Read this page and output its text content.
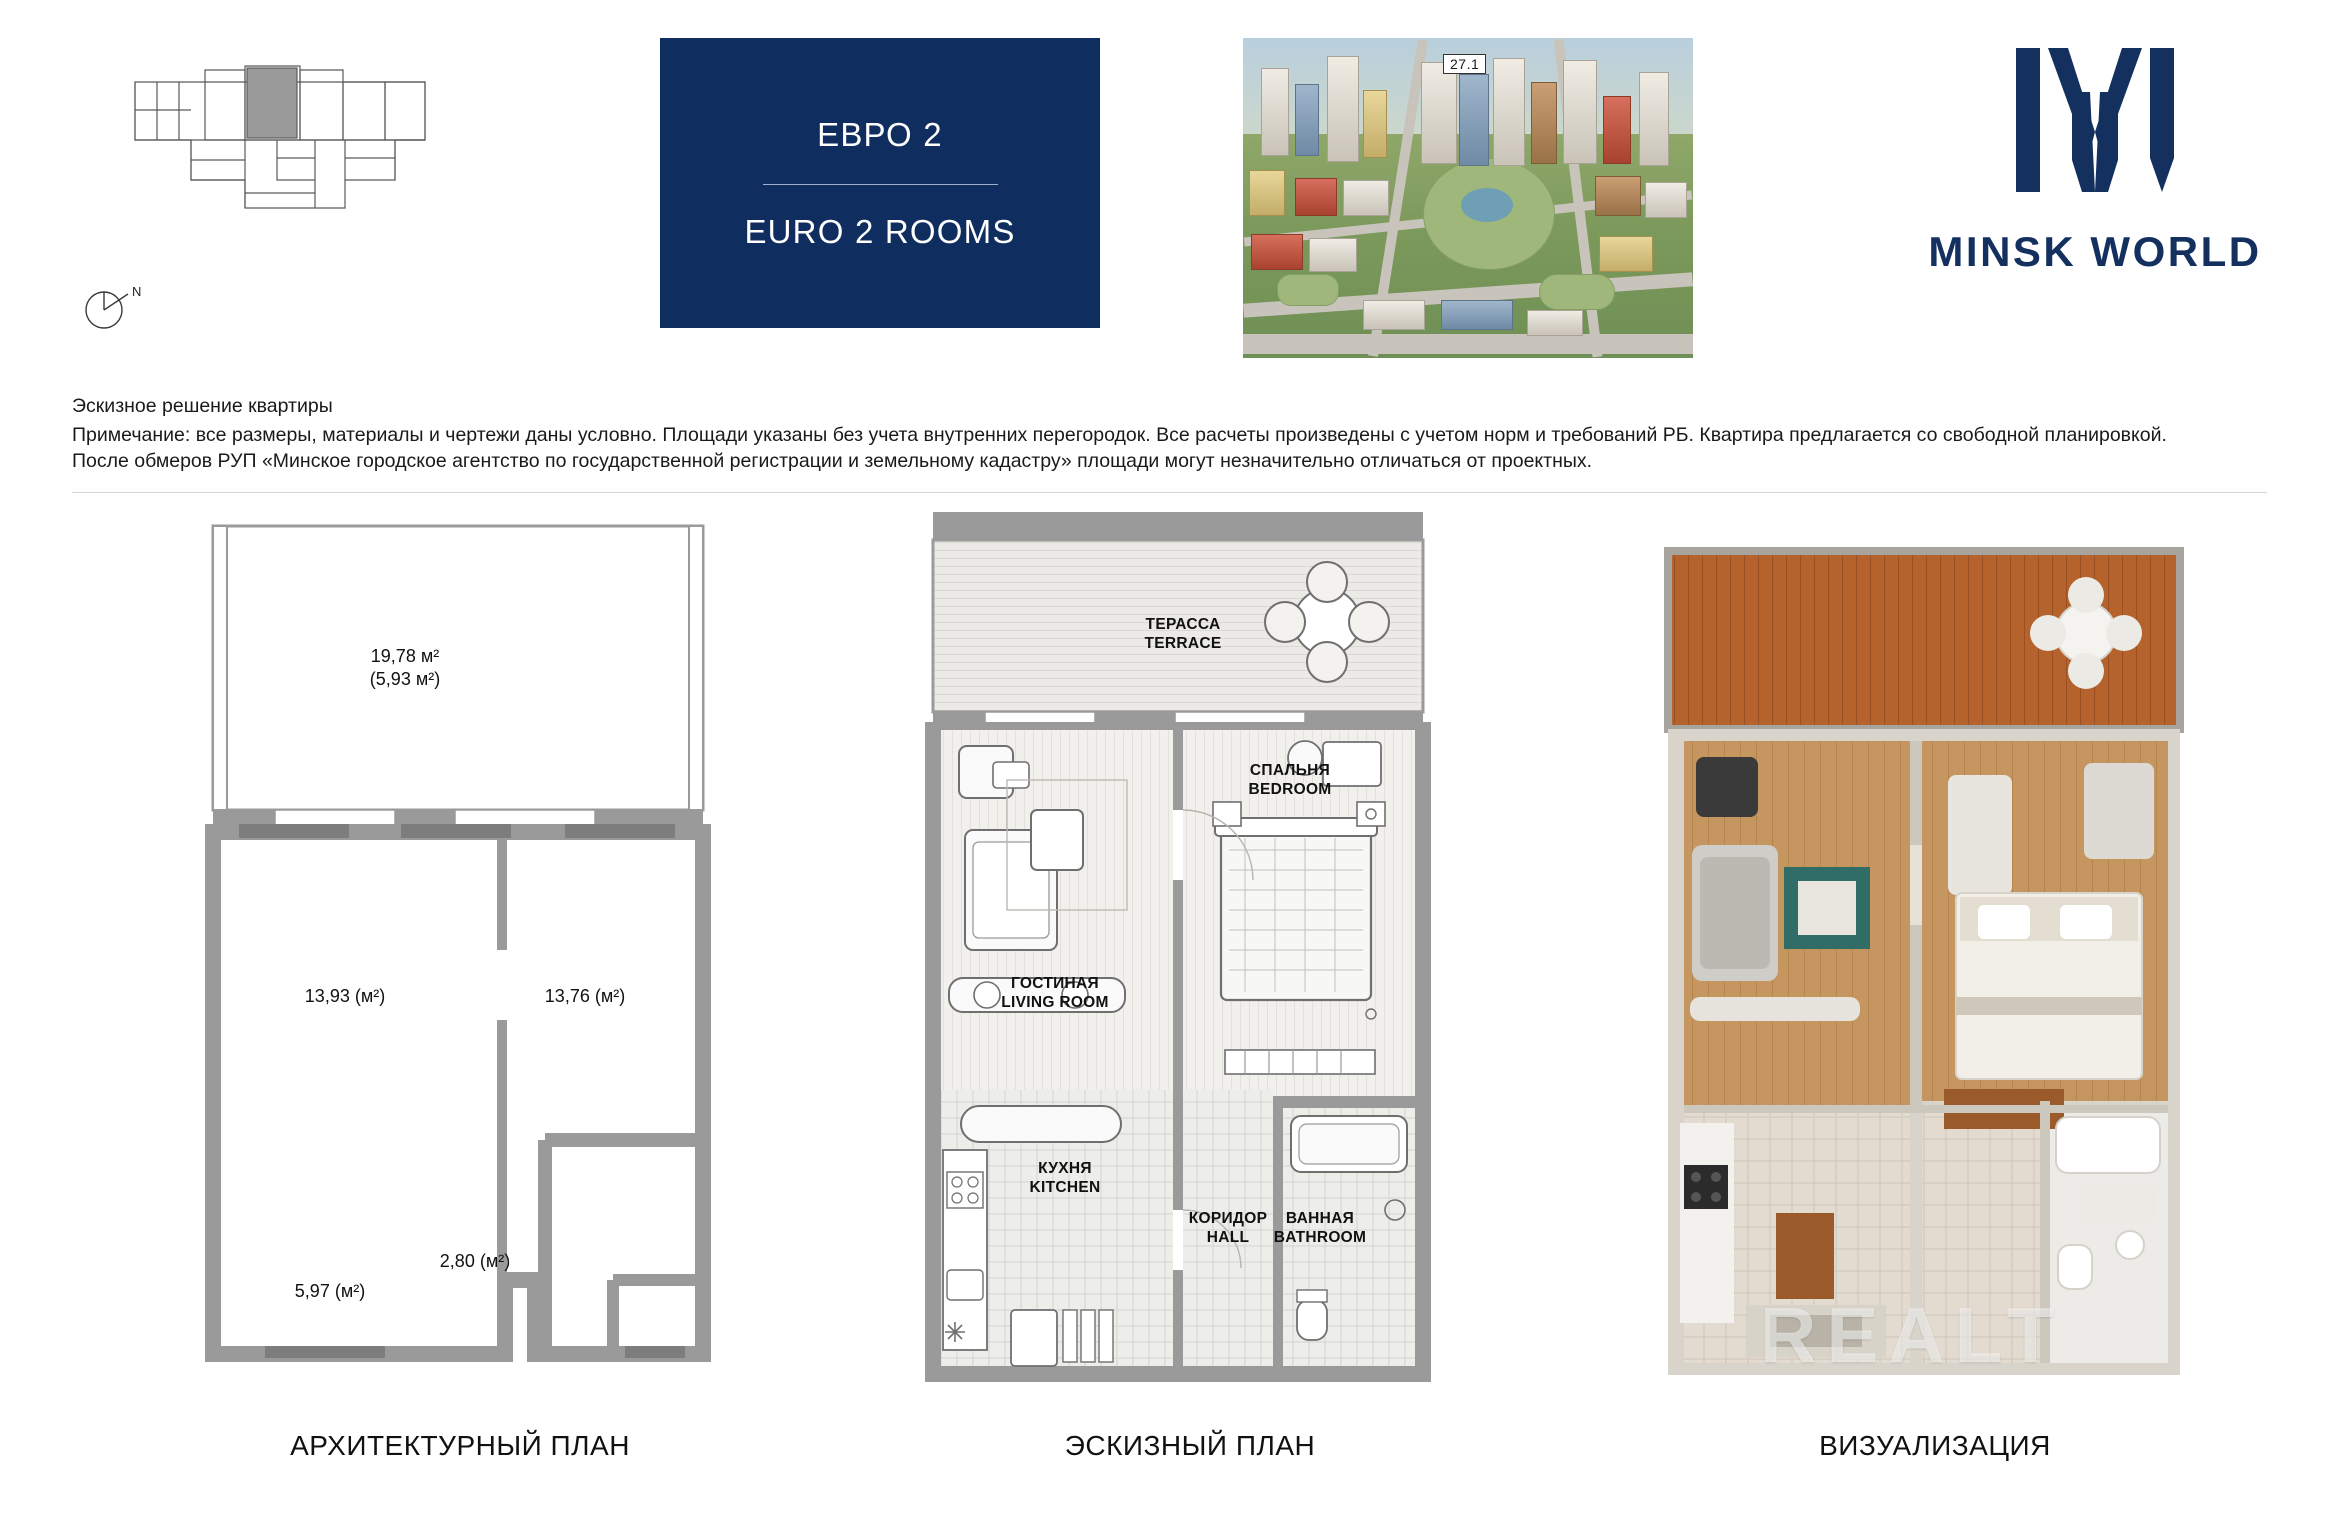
N
ЕВРО 2
EURO 2 ROOMS
27.1
MINSK WORLD
Эскизное решение квартиры
Примечание: все размеры, материалы и чертежи даны условно. Площади указаны без учета внутренних перегородок. Все расчеты произведены с учетом норм и требований РБ. Квартира предлагается со свободной планировкой.
После обмеров РУП «Минское городское агентство по государственной регистрации и земельному кадастру» площади могут незначительно отличаться от проектных.
19,78 м²
(5,93 м²)
13,93 (м²)	13,76 (м²)
5,97 (м²)
2,80 (м²)
АРХИТЕКТУРНЫЙ ПЛАН
ТЕРАССА
TERRACE
СПАЛЬНЯ
BEDROOM
ГОСТИНАЯ
LIVING ROOM
КУХНЯ
KITCHEN
КОРИДОР
HALL
ВАННАЯ
BATHROOM
ЭСКИЗНЫЙ ПЛАН
REALT
ВИЗУАЛИЗАЦИЯ
